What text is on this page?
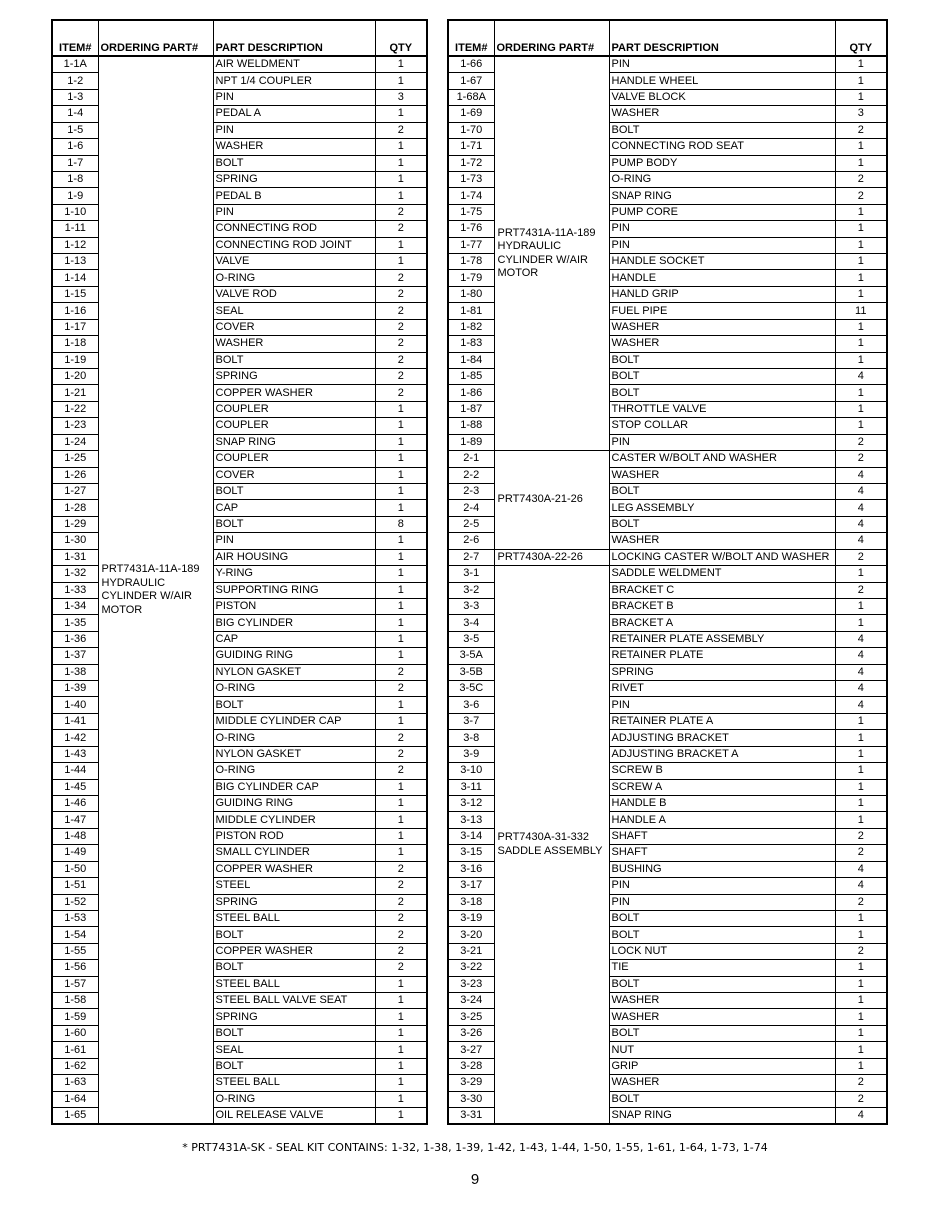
ITEM#	ORDERING PART#	PART DESCRIPTION	QTY
1-1A	PRT7431A-11A-189 HYDRAULIC CYLINDER W/AIR MOTOR	AIR WELDMENT	1
1-2		NPT 1/4 COUPLER	1
1-3		PIN	3
1-4		PEDAL A	1
1-5		PIN	2
1-6		WASHER	1
1-7		BOLT	1
1-8		SPRING	1
1-9		PEDAL B	1
1-10		PIN	2
1-11		CONNECTING ROD	2
1-12		CONNECTING ROD JOINT	1
1-13		VALVE	1
1-14		O-RING	2
1-15		VALVE ROD	2
1-16		SEAL	2
1-17		COVER	2
1-18		WASHER	2
1-19		BOLT	2
1-20		SPRING	2
1-21		COPPER WASHER	2
1-22		COUPLER	1
1-23		COUPLER	1
1-24		SNAP RING	1
1-25		COUPLER	1
1-26		COVER	1
1-27		BOLT	1
1-28		CAP	1
1-29		BOLT	8
1-30		PIN	1
1-31		AIR HOUSING	1
1-32		Y-RING	1
1-33		SUPPORTING RING	1
1-34		PISTON	1
1-35		BIG CYLINDER	1
1-36		CAP	1
1-37		GUIDING RING	1
1-38		NYLON GASKET	2
1-39		O-RING	2
1-40		BOLT	1
1-41		MIDDLE CYLINDER CAP	1
1-42		O-RING	2
1-43		NYLON GASKET	2
1-44		O-RING	2
1-45		BIG CYLINDER CAP	1
1-46		GUIDING RING	1
1-47		MIDDLE CYLINDER	1
1-48		PISTON ROD	1
1-49		SMALL CYLINDER	1
1-50		COPPER WASHER	2
1-51		STEEL	2
1-52		SPRING	2
1-53		STEEL BALL	2
1-54		BOLT	2
1-55		COPPER WASHER	2
1-56		BOLT	2
1-57		STEEL BALL	1
1-58		STEEL BALL VALVE SEAT	1
1-59		SPRING	1
1-60		BOLT	1
1-61		SEAL	1
1-62		BOLT	1
1-63		STEEL BALL	1
1-64		O-RING	1
1-65		OIL RELEASE VALVE	1
ITEM#	ORDERING PART#	PART DESCRIPTION	QTY
1-66	PRT7431A-11A-189 HYDRAULIC CYLINDER W/AIR MOTOR	PIN	1
1-67		HANDLE WHEEL	1
1-68A		VALVE BLOCK	1
1-69		WASHER	3
1-70		BOLT	2
1-71		CONNECTING ROD SEAT	1
1-72		PUMP BODY	1
1-73		O-RING	2
1-74		SNAP RING	2
1-75		PUMP CORE	1
1-76		PIN	1
1-77		PIN	1
1-78		HANDLE SOCKET	1
1-79		HANDLE	1
1-80		HANLD GRIP	1
1-81		FUEL PIPE	11
1-82		WASHER	1
1-83		WASHER	1
1-84		BOLT	1
1-85		BOLT	4
1-86		BOLT	1
1-87		THROTTLE VALVE	1
1-88		STOP COLLAR	1
1-89		PIN	2
2-1	PRT7430A-21-26	CASTER W/BOLT AND WASHER	2
2-2		WASHER	4
2-3		BOLT	4
2-4		LEG ASSEMBLY	4
2-5		BOLT	4
2-6		WASHER	4
2-7	PRT7430A-22-26	LOCKING CASTER W/BOLT AND WASHER	2
3-1	PRT7430A-31-332 SADDLE ASSEMBLY	SADDLE WELDMENT	1
3-2		BRACKET C	2
3-3		BRACKET B	1
3-4		BRACKET A	1
3-5		RETAINER PLATE ASSEMBLY	4
3-5A		RETAINER PLATE	4
3-5B		SPRING	4
3-5C		RIVET	4
3-6		PIN	4
3-7		RETAINER PLATE A	1
3-8		ADJUSTING BRACKET	1
3-9		ADJUSTING BRACKET A	1
3-10		SCREW B	1
3-11		SCREW A	1
3-12		HANDLE B	1
3-13		HANDLE A	1
3-14		SHAFT	2
3-15		SHAFT	2
3-16		BUSHING	4
3-17		PIN	4
3-18		PIN	2
3-19		BOLT	1
3-20		BOLT	1
3-21		LOCK NUT	2
3-22		TIE	1
3-23		BOLT	1
3-24		WASHER	1
3-25		WASHER	1
3-26		BOLT	1
3-27		NUT	1
3-28		GRIP	1
3-29		WASHER	2
3-30		BOLT	2
3-31		SNAP RING	4
* PRT7431A-SK - SEAL KIT CONTAINS: 1-32, 1-38, 1-39, 1-42, 1-43, 1-44, 1-50, 1-55, 1-61, 1-64, 1-73, 1-74
9
